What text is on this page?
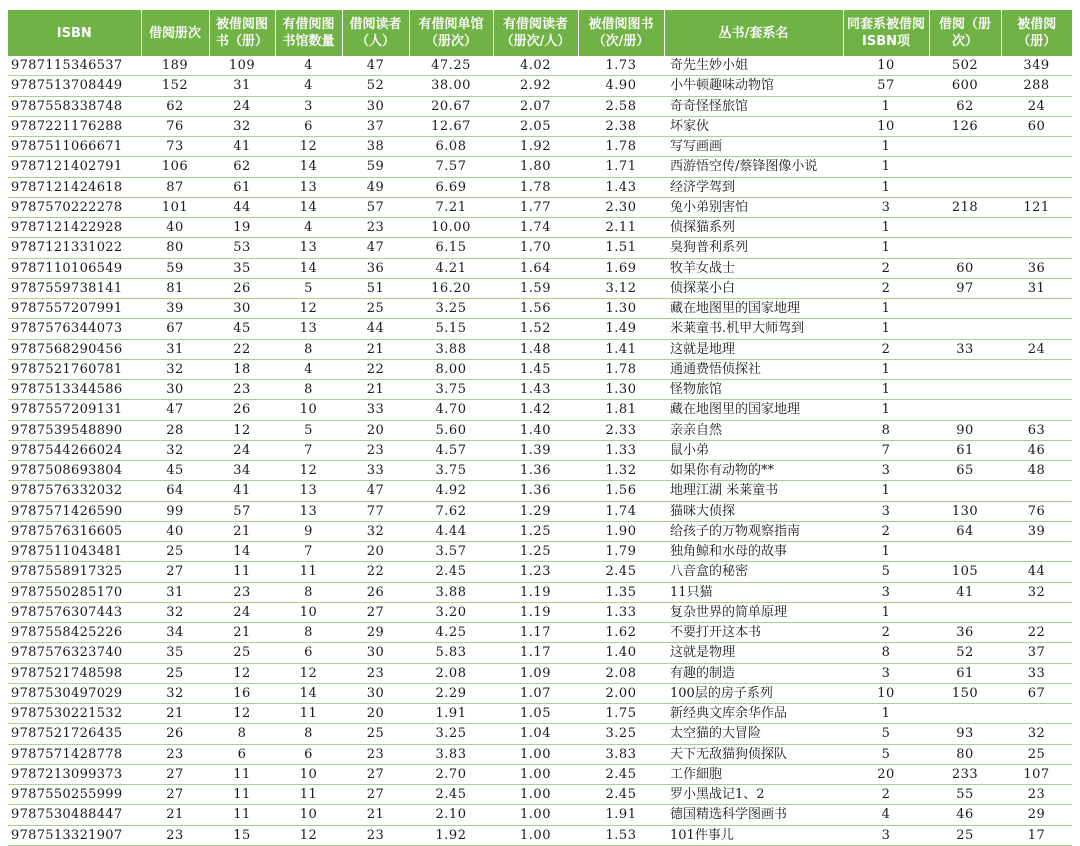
ISBN	借阅册次	被借阅图书（册）	有借阅图书馆数量	借阅读者（人）	有借阅单馆（册次）	有借阅读者（册次/人）	被借阅图书（次/册）	丛书/套系名	同套系被借阅ISBN项	借阅（册次）	被借阅（册）
9787115346537	189	109	4	47	47.25	4.02	1.73	奇先生妙小姐	10	502	349
9787513708449	152	31	4	52	38.00	2.92	4.90	小牛顿趣味动物馆	57	600	288
9787558338748	62	24	3	30	20.67	2.07	2.58	奇奇怪怪旅馆	1	62	24
9787221176288	76	32	6	37	12.67	2.05	2.38	坏家伙	10	126	60
9787511066671	73	41	12	38	6.08	1.92	1.78	写写画画	1		
9787121402791	106	62	14	59	7.57	1.80	1.71	西游悟空传/蔡锋图像小说	1		
9787121424618	87	61	13	49	6.69	1.78	1.43	经济学驾到	1		
9787570222278	101	44	14	57	7.21	1.77	2.30	兔小弟别害怕	3	218	121
9787121422928	40	19	4	23	10.00	1.74	2.11	侦探猫系列	1		
9787121331022	80	53	13	47	6.15	1.70	1.51	臭狗普利系列	1		
9787110106549	59	35	14	36	4.21	1.64	1.69	牧羊女战士	2	60	36
9787559738141	81	26	5	51	16.20	1.59	3.12	侦探菜小白	2	97	31
9787557207991	39	30	12	25	3.25	1.56	1.30	藏在地图里的国家地理	1		
9787576344073	67	45	13	44	5.15	1.52	1.49	米莱童书.机甲大师驾到	1		
9787568290456	31	22	8	21	3.88	1.48	1.41	这就是地理	2	33	24
9787521760781	32	18	4	22	8.00	1.45	1.78	通通费悟侦探社	1		
9787513344586	30	23	8	21	3.75	1.43	1.30	怪物旅馆	1		
9787557209131	47	26	10	33	4.70	1.42	1.81	藏在地图里的国家地理	1		
9787539548890	28	12	5	20	5.60	1.40	2.33	亲亲自然	8	90	63
9787544266024	32	24	7	23	4.57	1.39	1.33	鼠小弟	7	61	46
9787508693804	45	34	12	33	3.75	1.36	1.32	如果你有动物的**	3	65	48
9787576332032	64	41	13	47	4.92	1.36	1.56	地理江湖 米莱童书	1		
9787571426590	99	57	13	77	7.62	1.29	1.74	猫咪大侦探	3	130	76
9787576316605	40	21	9	32	4.44	1.25	1.90	给孩子的万物观察指南	2	64	39
9787511043481	25	14	7	20	3.57	1.25	1.79	独角鲸和水母的故事	1		
9787558917325	27	11	11	22	2.45	1.23	2.45	八音盒的秘密	5	105	44
9787550285170	31	23	8	26	3.88	1.19	1.35	11只猫	3	41	32
9787576307443	32	24	10	27	3.20	1.19	1.33	复杂世界的简单原理	1		
9787558425226	34	21	8	29	4.25	1.17	1.62	不要打开这本书	2	36	22
9787576323740	35	25	6	30	5.83	1.17	1.40	这就是物理	8	52	37
9787521748598	25	12	12	23	2.08	1.09	2.08	有趣的制造	3	61	33
9787530497029	32	16	14	30	2.29	1.07	2.00	100层的房子系列	10	150	67
9787530221532	21	12	11	20	1.91	1.05	1.75	新经典文库余华作品	1		
9787521726435	26	8	8	25	3.25	1.04	3.25	太空猫的大冒险	5	93	32
9787571428778	23	6	6	23	3.83	1.00	3.83	天下无敌猫狗侦探队	5	80	25
9787213099373	27	11	10	27	2.70	1.00	2.45	工作細胞	20	233	107
9787550255999	27	11	11	27	2.45	1.00	2.45	罗小黑战记1、2	2	55	23
9787530488447	21	11	10	21	2.10	1.00	1.91	德国精选科学图画书	4	46	29
9787513321907	23	15	12	23	1.92	1.00	1.53	101件事儿	3	25	17
